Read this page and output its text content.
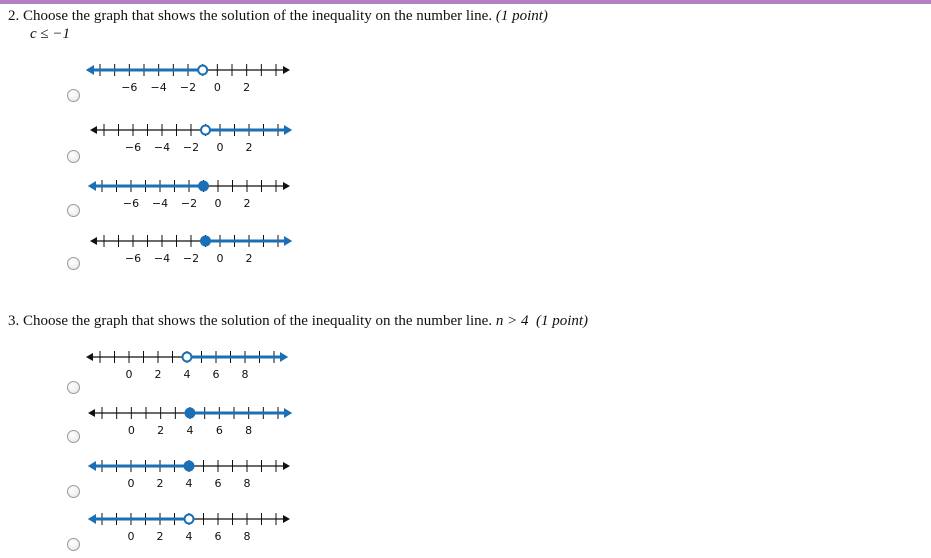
2. Choose the graph that shows the solution of the inequality on the number line. (1 point)
c ≤ −1
−6 −4 −2 0 2
−6 −4 −2 0 2
−6 −4 −2 0 2
−6 −4 −2 0 2
3. Choose the graph that shows the solution of the inequality on the number line. n > 4 (1 point)
0 2 4 6 8
0 2 4 6 8
0 2 4 6 8
0 2 4 6 8
